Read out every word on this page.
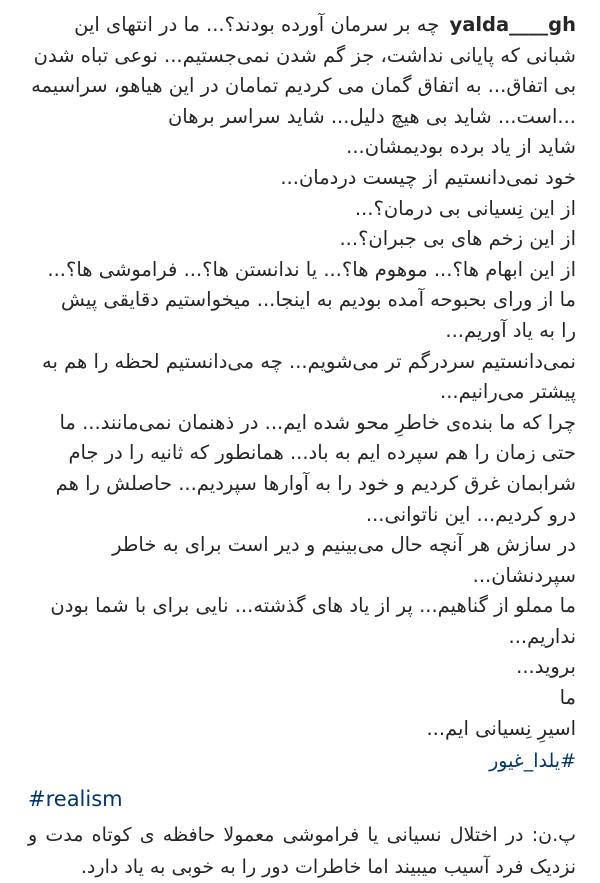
yalda____gh چه بر سرمان آورده بودند؟... ما در انتهای این
شبانی که پایانی نداشت، جز گم شدن نمی‌جستیم... نوعی تباه شدن
بی اتفاق... به اتفاق گمان می کردیم تمامان در این هیاهو، سراسیمه
...است... شاید بی هیچ دلیل... شاید سراسر برهان
شاید از یاد برده بودیمشان...
خود نمی‌دانستیم از چیست دردمان...
از این نِسیانی بی درمان؟...
از این زخم های بی جبران؟...
از این ابهام ها؟... موهوم ها؟... یا ندانستن ها؟... فراموشی ها؟...
ما از ورای بحبوحه آمده بودیم به اینجا... میخواستیم دقایقی پیش
را به یاد آوریم...
نمی‌دانستیم سردرگم تر می‌شویم... چه می‌دانستیم لحظه را هم به
پیشتر می‌رانیم...
چرا که ما بنده‌ی خاطرِ محو شده ایم... در ذهنمان نمی‌مانند... ما
حتی زمان را هم سپرده ایم به باد... همانطور که ثانیه را در جام
شرابمان غرق کردیم و خود را به آوارها سپردیم... حاصلش را هم
درو کردیم... این ناتوانی...
در سازش هر آنچه حال می‌بینیم و دیر است برای به خاطر
سپردنشان...
ما مملو از گناهیم... پر از یاد های گذشته... نایی برای با شما بودن
نداریم...
بروید...
ما
اسیرِ نِسیانی ایم...
#یلدا_غیور
#realism
پ.ن: در اختلال نسیانی یا فراموشی معمولا حافظه ی کوتاه مدت و نزدیک فرد آسیب میبیند اما خاطرات دور را به خوبی به یاد دارد.
